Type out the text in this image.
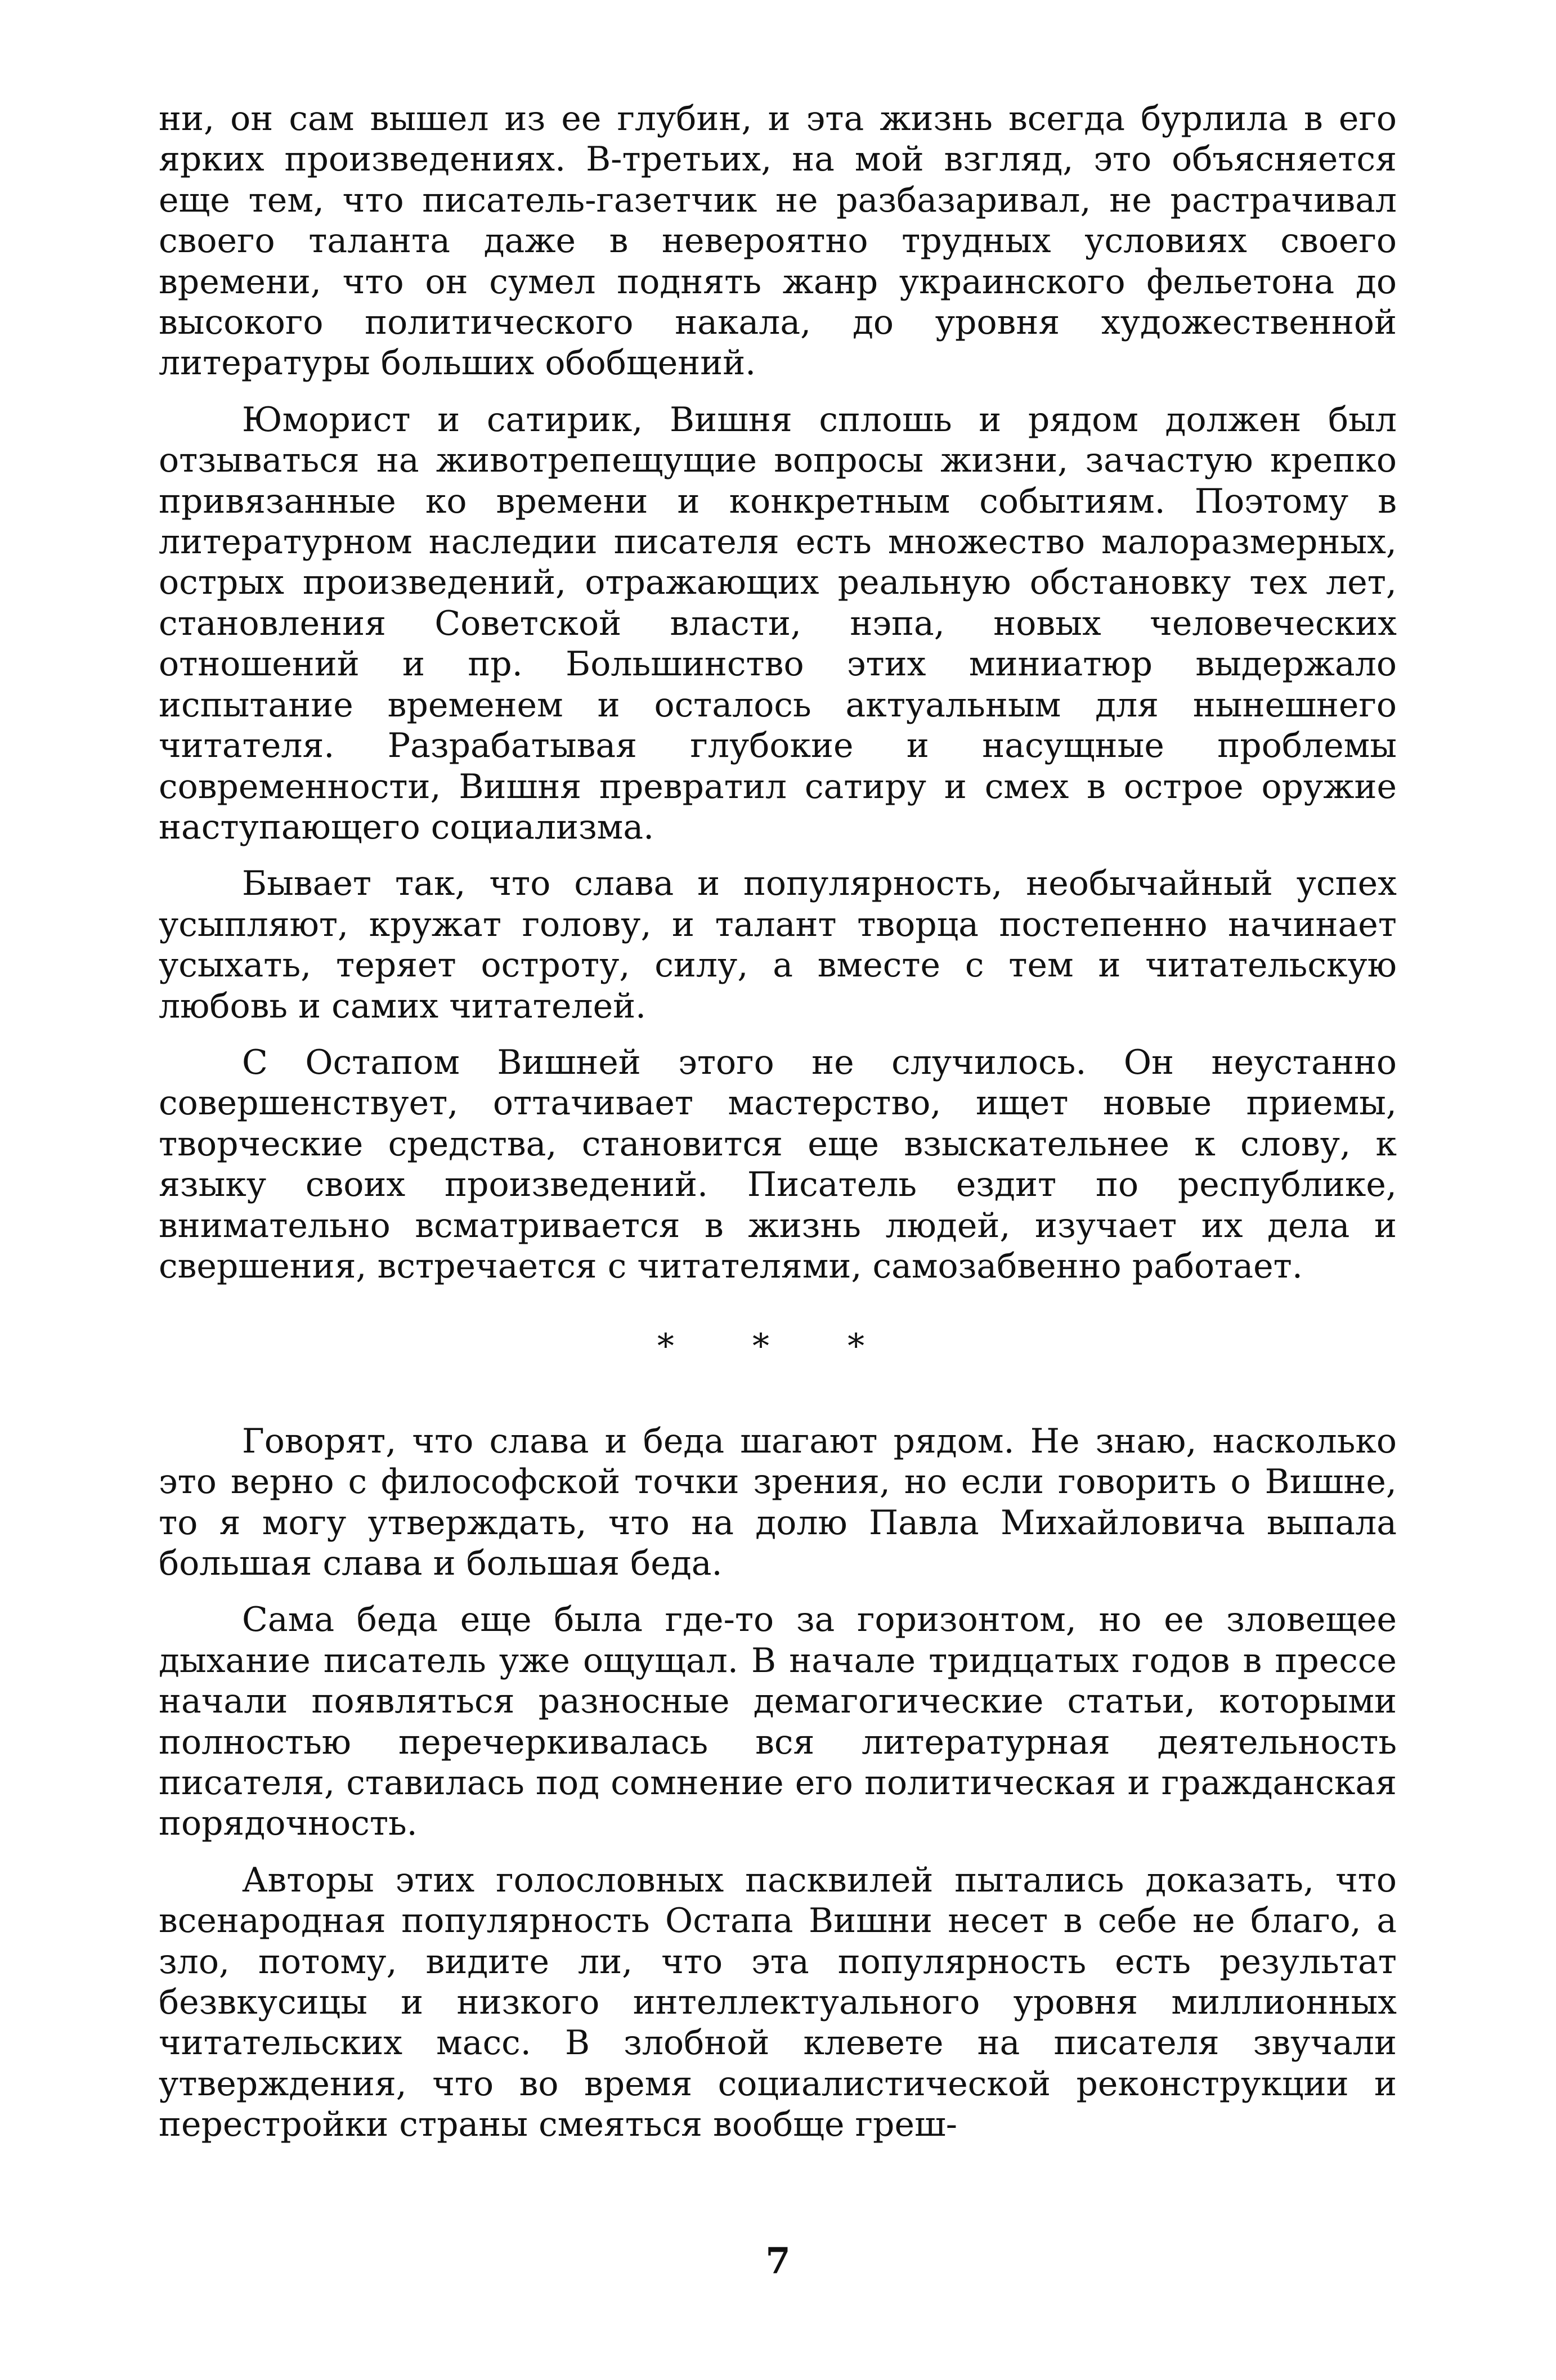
ни, он сам вышел из ее глубин, и эта жизнь всегда бурлила в его ярких произведениях. В-третьих, на мой взгляд, это объясняется еще тем, что писатель-газетчик не разбазаривал, не растрачивал своего таланта даже в невероятно трудных условиях своего времени, что он сумел поднять жанр украинского фельетона до высокого политического накала, до уровня художественной литературы больших обобщений.

Юморист и сатирик, Вишня сплошь и рядом должен был отзываться на животрепещущие вопросы жизни, зачастую крепко привязанные ко времени и конкретным событиям. Поэтому в литературном наследии писателя есть множество малоразмерных, острых произведений, отражающих реальную обстановку тех лет, становления Советской власти, нэпа, новых человеческих отношений и пр. Большинство этих миниатюр выдержало испытание временем и осталось актуальным для нынешнего читателя. Разрабатывая глубокие и насущные проблемы современности, Вишня превратил сатиру и смех в острое оружие наступающего социализма.

Бывает так, что слава и популярность, необычайный успех усыпляют, кружат голову, и талант творца постепенно начинает усыхать, теряет остроту, силу, а вместе с тем и читательскую любовь и самих читателей.

С Остапом Вишней этого не случилось. Он неустанно совершенствует, оттачивает мастерство, ищет новые приемы, творческие средства, становится еще взыскательнее к слову, к языку своих произведений. Писатель ездит по республике, внимательно всматривается в жизнь людей, изучает их дела и свершения, встречается с читателями, самозабвенно работает.

* * *

Говорят, что слава и беда шагают рядом. Не знаю, насколько это верно с философской точки зрения, но если говорить о Вишне, то я могу утверждать, что на долю Павла Михайловича выпала большая слава и большая беда.

Сама беда еще была где-то за горизонтом, но ее зловещее дыхание писатель уже ощущал. В начале тридцатых годов в прессе начали появляться разносные демагогические статьи, которыми полностью перечеркивалась вся литературная деятельность писателя, ставилась под сомнение его политическая и гражданская порядочность.

Авторы этих голословных пасквилей пытались доказать, что всенародная популярность Остапа Вишни несет в себе не благо, а зло, потому, видите ли, что эта популярность есть результат безвкусицы и низкого интеллектуального уровня миллионных читательских масс. В злобной клевете на писателя звучали утверждения, что во время социалистической реконструкции и перестройки страны смеяться вообще греш-

7
